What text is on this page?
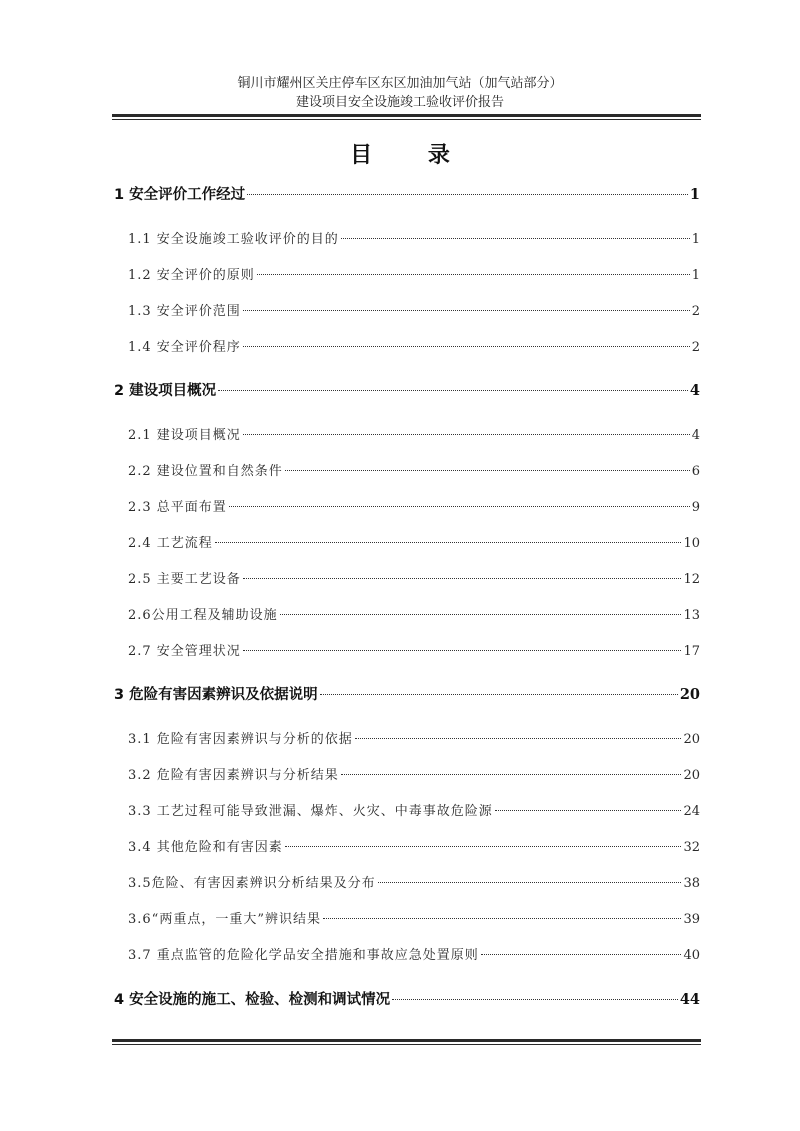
铜川市耀州区关庄停车区东区加油加气站（加气站部分）
建设项目安全设施竣工验收评价报告
目 录
1 安全评价工作经过	1
1.1 安全设施竣工验收评价的目的	1
1.2 安全评价的原则	1
1.3 安全评价范围	2
1.4 安全评价程序	2
2 建设项目概况	4
2.1 建设项目概况	4
2.2 建设位置和自然条件	6
2.3 总平面布置	9
2.4 工艺流程	10
2.5 主要工艺设备	12
2.6公用工程及辅助设施	13
2.7 安全管理状况	17
3 危险有害因素辨识及依据说明	20
3.1 危险有害因素辨识与分析的依据	20
3.2 危险有害因素辨识与分析结果	20
3.3 工艺过程可能导致泄漏、爆炸、火灾、中毒事故危险源	24
3.4 其他危险和有害因素	32
3.5危险、有害因素辨识分析结果及分布	38
3.6“两重点，一重大”辨识结果	39
3.7 重点监管的危险化学品安全措施和事故应急处置原则	40
4 安全设施的施工、检验、检测和调试情况	44
